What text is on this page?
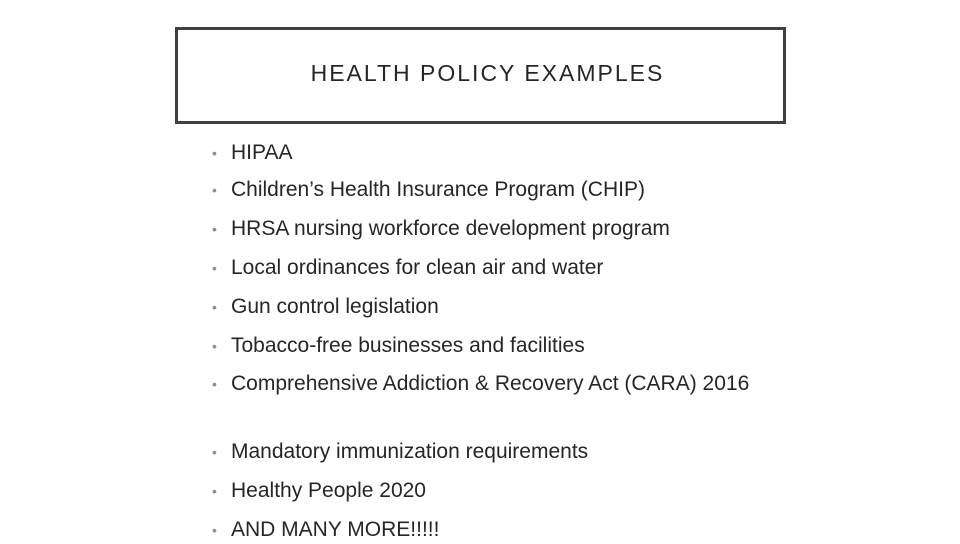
HEALTH POLICY EXAMPLES
• HIPAA
• Children’s Health Insurance Program (CHIP)
• HRSA nursing workforce development program
• Local ordinances for clean air and water
• Gun control legislation
• Tobacco-free businesses and facilities
• Comprehensive Addiction & Recovery Act (CARA) 2016
• Mandatory immunization requirements
• Healthy People 2020
• AND MANY MORE!!!!!
